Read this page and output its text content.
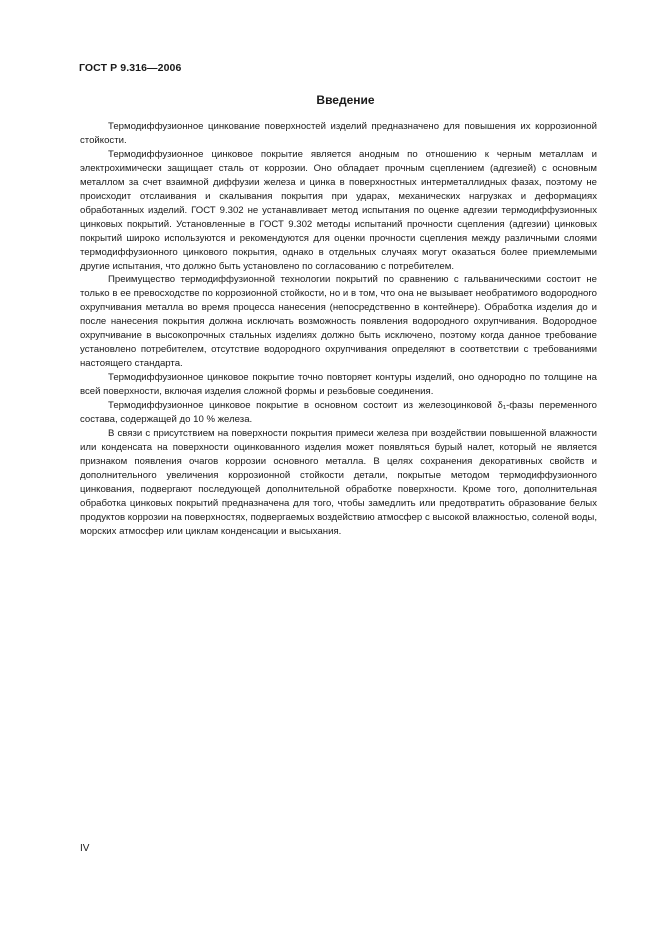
ГОСТ Р 9.316—2006
Введение

Термодиффузионное цинкование поверхностей изделий предназначено для повышения их коррозионной стойкости.

Термодиффузионное цинковое покрытие является анодным по отношению к черным металлам и электрохимически защищает сталь от коррозии. Оно обладает прочным сцеплением (адгезией) с основным металлом за счет взаимной диффузии железа и цинка в поверхностных интерметаллидных фазах, поэтому не происходит отслаивания и скалывания покрытия при ударах, механических нагрузках и деформациях обработанных изделий. ГОСТ 9.302 не устанавливает метод испытания по оценке адгезии термодиффузионных цинковых покрытий. Установленные в ГОСТ 9.302 методы испытаний прочности сцепления (адгезии) цинковых покрытий широко используются и рекомендуются для оценки прочности сцепления между различными слоями термодиффузионного цинкового покрытия, однако в отдельных случаях могут оказаться более приемлемыми другие испытания, что должно быть установлено по согласованию с потребителем.

Преимущество термодиффузионной технологии покрытий по сравнению с гальваническими состоит не только в ее превосходстве по коррозионной стойкости, но и в том, что она не вызывает необратимого водородного охрупчивания металла во время процесса нанесения (непосредственно в контейнере). Обработка изделия до и после нанесения покрытия должна исключать возможность появления водородного охрупчивания. Водородное охрупчивание в высокопрочных стальных изделиях должно быть исключено, поэтому когда данное требование установлено потребителем, отсутствие водородного охрупчивания определяют в соответствии с требованиями настоящего стандарта.

Термодиффузионное цинковое покрытие точно повторяет контуры изделий, оно однородно по толщине на всей поверхности, включая изделия сложной формы и резьбовые соединения.

Термодиффузионное цинковое покрытие в основном состоит из железоцинковой δ₁-фазы переменного состава, содержащей до 10 % железа.

В связи с присутствием на поверхности покрытия примеси железа при воздействии повышенной влажности или конденсата на поверхности оцинкованного изделия может появляться бурый налет, который не является признаком появления очагов коррозии основного металла. В целях сохранения декоративных свойств и дополнительного увеличения коррозионной стойкости детали, покрытые методом термодиффузионного цинкования, подвергают последующей дополнительной обработке поверхности. Кроме того, дополнительная обработка цинковых покрытий предназначена для того, чтобы замедлить или предотвратить образование белых продуктов коррозии на поверхностях, подвергаемых воздействию атмосфер с высокой влажностью, соленой воды, морских атмосфер или циклам конденсации и высыхания.

IV
